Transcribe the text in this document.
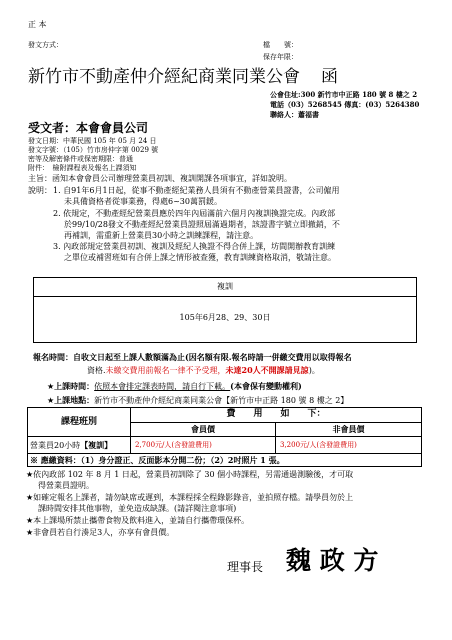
正 本
發文方式：	檔　　號：
保存年限：
新竹市不動產仲介經紀商業同業公會 函
公會住址:300 新竹市中正路 180 號 8 樓之 2
電話（03）5268545 傳真：(03）5264380
聯絡人：蕭福書
受文者：本會會員公司
發文日期：中華民國 105 年 05 月 24 日
發文字號：（105）竹市房仲字第 0029 號
密等及解密條件或保密期限：普通
附件：　檢附課程表及報名上課須知
主旨：函知本會會員公司辦理營業員初訓、複訓開課各項事宜，詳如說明。
說明： 1. 自91年6月1日起，從事不動產經紀業務人員須有不動產營業員證書，公司僱用
未具備資格者從事業務，得處6~30萬罰鍰。
2. 依規定，不動產經紀營業員應於四年內屆滿前六個月內複訓換證完成。內政部
於99/10/28發文不動產經紀營業員證照屆滿過期者，該證書字號立即撤銷，不
再補訓，需重新上營業員30小時之訓練課程，請注意。
3. 內政部規定營業員初訓、複訓及經紀人換證不得合併上課，坊間開辦教育訓練
之單位或補習班如有合併上課之情形被查獲，教育訓練資格取消，敬請注意。
複訓
105年6月28、29、30日
報名時間：自收文日起至上課人數額滿為止(因名額有限.報名時請一併繳交費用以取得報名
資格.未繳交費用前報名一律不予受理，未達20人不開課請見諒)。
★上課時間：依照本會排定課表時間，請自行下載。(本會保有變動權利)
★上課地點：新竹市不動產仲介經紀商業同業公會【新竹市中正路 180 號 8 樓之 2】
課程班別
費　　用　　如　　下：
會員價	非會員價
營業員20小時【複訓】	2,700元/人(含發證費用)	3,200元/人(含發證費用)
※ 應繳資料：（1）身分證正、反面影本分開二份；（2）2吋照片 1 張。
★依內政部 102 年 8 月 1 日起，營業員初訓除了 30 個小時課程，另需通過測驗後，才可取
得營業員證明。
★如確定報名上課者，請勿缺席或遲到，本課程採全程錄影錄音，並拍照存檔。請學員勿於上
課時間安排其他事物，並免造成缺課。(請詳閱注意事項)
★本上課場所禁止攜帶食物及飲料進入，並請自行攜帶環保杯。
★非會員若自行湊足3人，亦享有會員價。
理事長 魏 政 方
